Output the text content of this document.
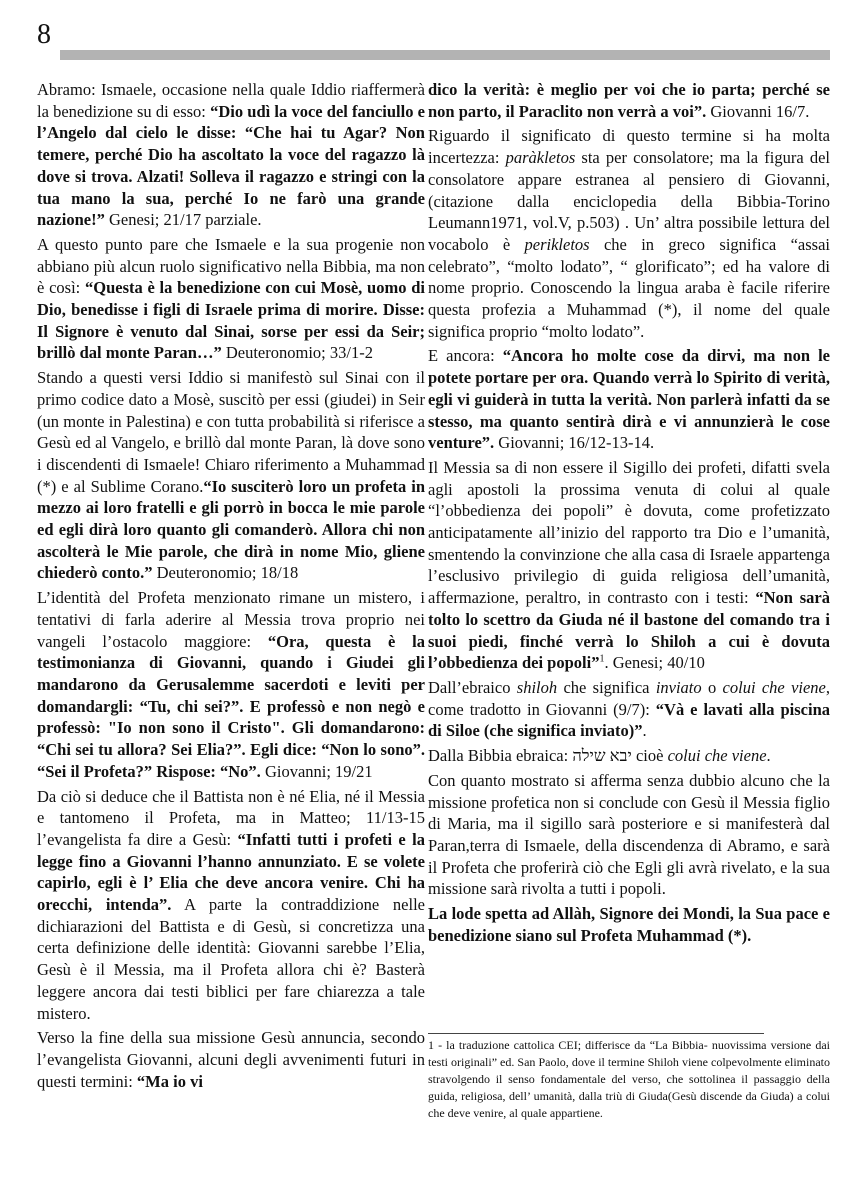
8

Abramo: Ismaele, occasione nella quale Iddio riaffermerà la benedizione su di esso: “Dio udì la voce del fanciullo e l’Angelo dal cielo le disse: “Che hai tu Agar? Non temere, perché Dio ha ascoltato la voce del ragazzo là dove si trova. Alzati! Solleva il ragazzo e stringi con la tua mano la sua, perché Io ne farò una grande nazione!” Genesi; 21/17 parziale.

A questo punto pare che Ismaele e la sua progenie non abbiano più alcun ruolo significativo nella Bibbia, ma non è così: “Questa è la benedizione con cui Mosè, uomo di Dio, benedisse i figli di Israele prima di morire. Disse: Il Signore è venuto dal Sinai, sorse per essi da Seir; brillò dal monte Paran…” Deuteronomio; 33/1-2

Stando a questi versi Iddio si manifestò sul Sinai con il primo codice dato a Mosè, suscitò per essi (giudei) in Seir (un monte in Palestina) e con tutta probabilità si riferisce a Gesù ed al Vangelo, e brillò dal monte Paran, là dove sono i discendenti di Ismaele! Chiaro riferimento a Muhammad (*) e al Sublime Corano.“Io susciterò loro un profeta in mezzo ai loro fratelli e gli porrò in bocca le mie parole ed egli dirà loro quanto gli comanderò. Allora chi non ascolterà le Mie parole, che dirà in nome Mio, gliene chiederò conto.” Deuteronomio; 18/18

L’identità del Profeta menzionato rimane un mistero, i tentativi di farla aderire al Messia trova proprio nei vangeli l’ostacolo maggiore: “Ora, questa è la testimonianza di Giovanni, quando i Giudei gli mandarono da Gerusalemme sacerdoti e leviti per domandargli: “Tu, chi sei?”. E professò e non negò e professò: "Io non sono il Cristo". Gli domandarono: “Chi sei tu allora? Sei Elia?”. Egli dice: “Non lo sono”. “Sei il Profeta?” Rispose: “No”. Giovanni; 19/21

Da ciò si deduce che il Battista non è né Elia, né il Messia e tantomeno il Profeta, ma in Matteo; 11/13-15 l’evangelista fa dire a Gesù: “Infatti tutti i profeti e la legge fino a Giovanni l’hanno annunziato. E se volete capirlo, egli è l’ Elia che deve ancora venire. Chi ha orecchi, intenda”. A parte la contraddizione nelle dichiarazioni del Battista e di Gesù, si concretizza una certa definizione delle identità: Giovanni sarebbe l’Elia, Gesù è il Messia, ma il Profeta allora chi è? Basterà leggere ancora dai testi biblici per fare chiarezza a tale mistero.

Verso la fine della sua missione Gesù annuncia, secondo l’evangelista Giovanni, alcuni degli avvenimenti futuri in questi termini: “Ma io vi

dico la verità: è meglio per voi che io parta; perché se non parto, il Paraclito non verrà a voi”. Giovanni 16/7.

Riguardo il significato di questo termine si ha molta incertezza: paràkletos sta per consolatore; ma la figura del consolatore appare estranea al pensiero di Giovanni, (citazione dalla enciclopedia della Bibbia-Torino Leumann1971, vol.V, p.503) . Un’ altra possibile lettura del vocabolo è perikletos che in greco significa “assai celebrato”, “molto lodato”, “ glorificato”; ed ha valore di nome proprio. Conoscendo la lingua araba è facile riferire questa profezia a Muhammad (*), il nome del quale significa proprio “molto lodato”.

E ancora: “Ancora ho molte cose da dirvi, ma non le potete portare per ora. Quando verrà lo Spirito di verità, egli vi guiderà in tutta la verità. Non parlerà infatti da se stesso, ma quanto sentirà dirà e vi annunzierà le cose venture”. Giovanni; 16/12-13-14.

Il Messia sa di non essere il Sigillo dei profeti, difatti svela agli apostoli la prossima venuta di colui al quale “l’obbedienza dei popoli” è dovuta, come profetizzato anticipatamente all’inizio del rapporto tra Dio e l’umanità, smentendo la convinzione che alla casa di Israele appartenga l’esclusivo privilegio di guida religiosa dell’umanità, affermazione, peraltro, in contrasto con i testi: “Non sarà tolto lo scettro da Giuda né il bastone del comando tra i suoi piedi, finché verrà lo Shiloh a cui è dovuta l’obbedienza dei popoli”$^1$. Genesi; 40/10

Dall’ebraico shiloh che significa inviato o colui che viene, come tradotto in Giovanni (9/7): “Và e lavati alla piscina di Siloe (che significa inviato)”.

Dalla Bibbia ebraica: יבא שילה cioè colui che viene.

Con quanto mostrato si afferma senza dubbio alcuno che la missione profetica non si conclude con Gesù il Messia figlio di Maria, ma il sigillo sarà posteriore e si manifesterà dal Paran,terra di Ismaele, della discendenza di Abramo, e sarà il Profeta che proferirà ciò che Egli gli avrà rivelato, e la sua missione sarà rivolta a tutti i popoli.

La lode spetta ad Allàh, Signore dei Mondi, la Sua pace e benedizione siano sul Profeta Muhammad (*).

1 - la traduzione cattolica CEI; differisce da “La Bibbia- nuovissima versione dai testi originali” ed. San Paolo, dove il termine Shiloh viene colpevolmente eliminato stravolgendo il senso fondamentale del verso, che sottolinea il passaggio della guida, religiosa, dell’ umanità, dalla triù di Giuda(Gesù discende da Giuda) a colui che deve venire, al quale appartiene.
